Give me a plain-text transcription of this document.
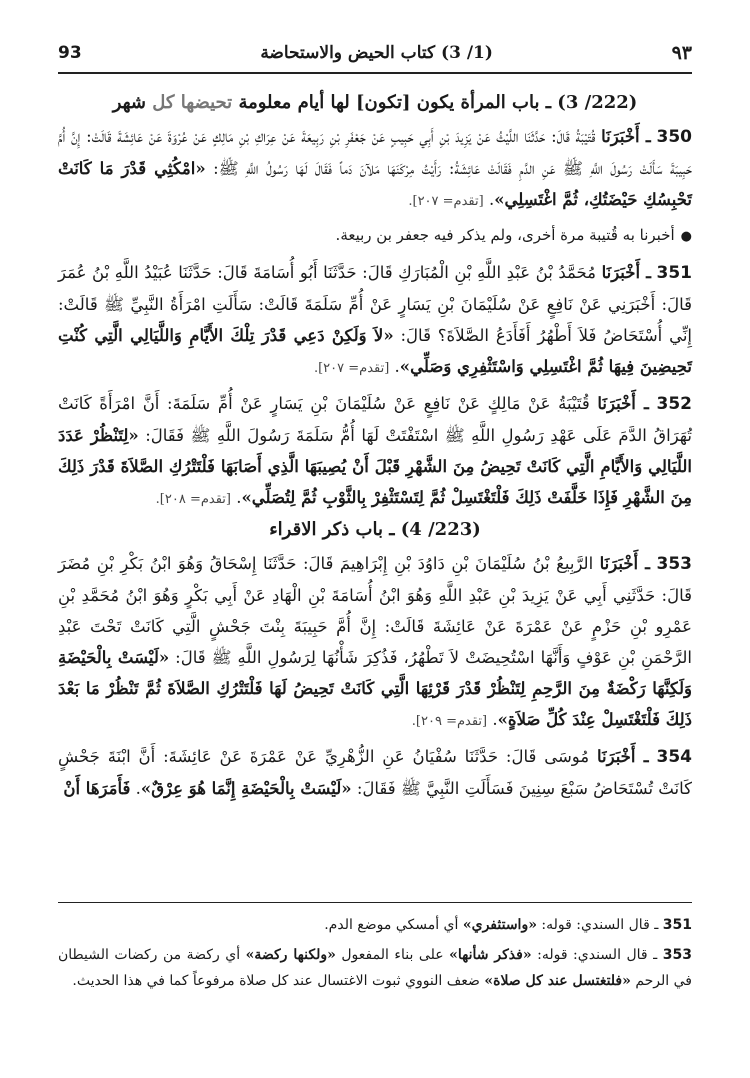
93	(1/ 3) كتاب الحيض والاستحاضة	٩٣
(222/ 3) ـ باب المرأة يكون [تكون] لها أيام معلومة تحيضها كل شهر

350 ـ أَخْبَرَنَا قُتَيْبَةُ قَالَ: حَدَّثَنَا اللَّيْثُ عَنْ يَزِيدَ بْنِ أَبِي حَبِيبٍ عَنْ جَعْفَرِ بْنِ رَبِيعَةَ عَنْ عِرَاكِ بْنِ مَالِكٍ عَنْ عُرْوَةَ عَنْ عَائِشَةَ قَالَتْ: إِنَّ أُمَّ حَبِيبَةَ سَأَلَتْ رَسُولَ اللَّهِ ﷺ عَنِ الدَّمِ فَقَالَتْ عَائِشَةُ: رَأَيْتُ مِرْكَنَهَا مَلآنَ دَماً فَقَالَ لَهَا رَسُولُ اللَّهِ ﷺ: «امْكُثِي قَدْرَ مَا كَانَتْ تَحْبِسُكِ حَيْضَتُكِ، ثُمَّ اغْتَسِلِي». [تقدم= ٢٠٧].

●أخبرنا به قُتيبة مرة أخرى، ولم يذكر فيه جعفر بن ربيعة.

351 ـ أَخْبَرَنَا مُحَمَّدُ بْنُ عَبْدِ اللَّهِ بْنِ الْمُبَارَكِ قَالَ: حَدَّثَنَا أَبُو أُسَامَةَ قَالَ: حَدَّثَنَا عُبَيْدُ اللَّهِ بْنُ عُمَرَ قَالَ: أَخْبَرَنِي عَنْ نَافِعٍ عَنْ سُلَيْمَانَ بْنِ يَسَارٍ عَنْ أُمِّ سَلَمَةَ قَالَتْ: سَأَلَتِ امْرَأَةُ النَّبِيِّ ﷺ قَالَتْ: إِنِّي أُسْتَحَاضُ فَلاَ أَطْهُرُ أَفَأَدَعُ الصَّلاَةَ؟ قَالَ: «لاَ وَلَكِنْ دَعِي قَدْرَ تِلْكَ الأَيَّامِ وَاللَّيَالِي الَّتِي كُنْتِ تَحِيضِينَ فِيهَا ثُمَّ اغْتَسِلِي وَاسْتَثْفِرِي وَصَلِّي». [تقدم= ٢٠٧].

352 ـ أَخْبَرَنَا قُتَيْبَةُ عَنْ مَالِكٍ عَنْ نَافِعٍ عَنْ سُلَيْمَانَ بْنِ يَسَارٍ عَنْ أُمِّ سَلَمَةَ: أَنَّ امْرَأَةً كَانَتْ تُهَرَاقُ الدَّمَ عَلَى عَهْدِ رَسُولِ اللَّهِ ﷺ اسْتَفْتَتْ لَهَا أُمُّ سَلَمَةَ رَسُولَ اللَّهِ ﷺ فَقَالَ: «لِتَنْظُرْ عَدَدَ اللَّيَالِي وَالأَيَّامِ الَّتِي كَانَتْ تَحِيضُ مِنَ الشَّهْرِ قَبْلَ أَنْ يُصِيبَهَا الَّذِي أَصَابَهَا فَلْتَتْرُكِ الصَّلاَةَ قَدْرَ ذَلِكَ مِنَ الشَّهْرِ فَإِذَا خَلَّفَتْ ذَلِكَ فَلْتَغْتَسِلْ ثُمَّ لِتَسْتَثْفِرْ بِالثَّوْبِ ثُمَّ لِتُصَلِّي». [تقدم= ٢٠٨].

(223/ 4) ـ باب ذكر الاقراء

353 ـ أَخْبَرَنَا الرَّبِيعُ بْنُ سُلَيْمَانَ بْنِ دَاوُدَ بْنِ إِبْرَاهِيمَ قَالَ: حَدَّثَنَا إِسْحَاقُ وَهُوَ ابْنُ بَكْرِ بْنِ مُضَرَ قَالَ: حَدَّثَنِي أَبِي عَنْ يَزِيدَ بْنِ عَبْدِ اللَّهِ وَهُوَ ابْنُ أُسَامَةَ بْنِ الْهَادِ عَنْ أَبِي بَكْرٍ وَهُوَ ابْنُ مُحَمَّدِ بْنِ عَمْرِو بْنِ حَزْمٍ عَنْ عَمْرَةَ عَنْ عَائِشَةَ قَالَتْ: إِنَّ أُمَّ حَبِيبَةَ بِنْتَ جَحْشٍ الَّتِي كَانَتْ تَحْتَ عَبْدِ الرَّحْمَنِ بْنِ عَوْفٍ وَأَنَّهَا اسْتُحِيضَتْ لاَ تَطْهُرُ، فَذُكِرَ شَأْنُهَا لِرَسُولِ اللَّهِ ﷺ قَالَ: «لَيْسَتْ بِالْحَيْضَةِ وَلَكِنَّهَا رَكْضَةٌ مِنَ الرَّحِمِ لِتَنْظُرْ قَدْرَ قَرْئِهَا الَّتِي كَانَتْ تَحِيضُ لَهَا فَلْتَتْرُكِ الصَّلاَةَ ثُمَّ تَنْظُرْ مَا بَعْدَ ذَلِكَ فَلْتَغْتَسِلْ عِنْدَ كُلِّ صَلاَةٍ». [تقدم= ٢٠٩].

354 ـ أَخْبَرَنَا مُوسَى قَالَ: حَدَّثَنَا سُفْيَانُ عَنِ الزُّهْرِيِّ عَنْ عَمْرَةَ عَنْ عَائِشَةَ: أَنَّ ابْنَةَ جَحْشٍ كَانَتْ تُسْتَحَاضُ سَبْعَ سِنِينَ فَسَأَلَتِ النَّبِيَّ ﷺ فَقَالَ: «لَيْسَتْ بِالْحَيْضَةِ إِنَّمَا هُوَ عِرْقٌ». فَأَمَرَهَا أَنْ

351 ـ قال السندي: قوله: «واستثفري» أي أمسكي موضع الدم.

353 ـ قال السندي: قوله: «فذكر شأنها» على بناء المفعول «ولكنها ركضة» أي ركضة من ركضات الشيطان في الرحم «فلتغتسل عند كل صلاة» ضعف النووي ثبوت الاغتسال عند كل صلاة مرفوعاً كما في هذا الحديث.
